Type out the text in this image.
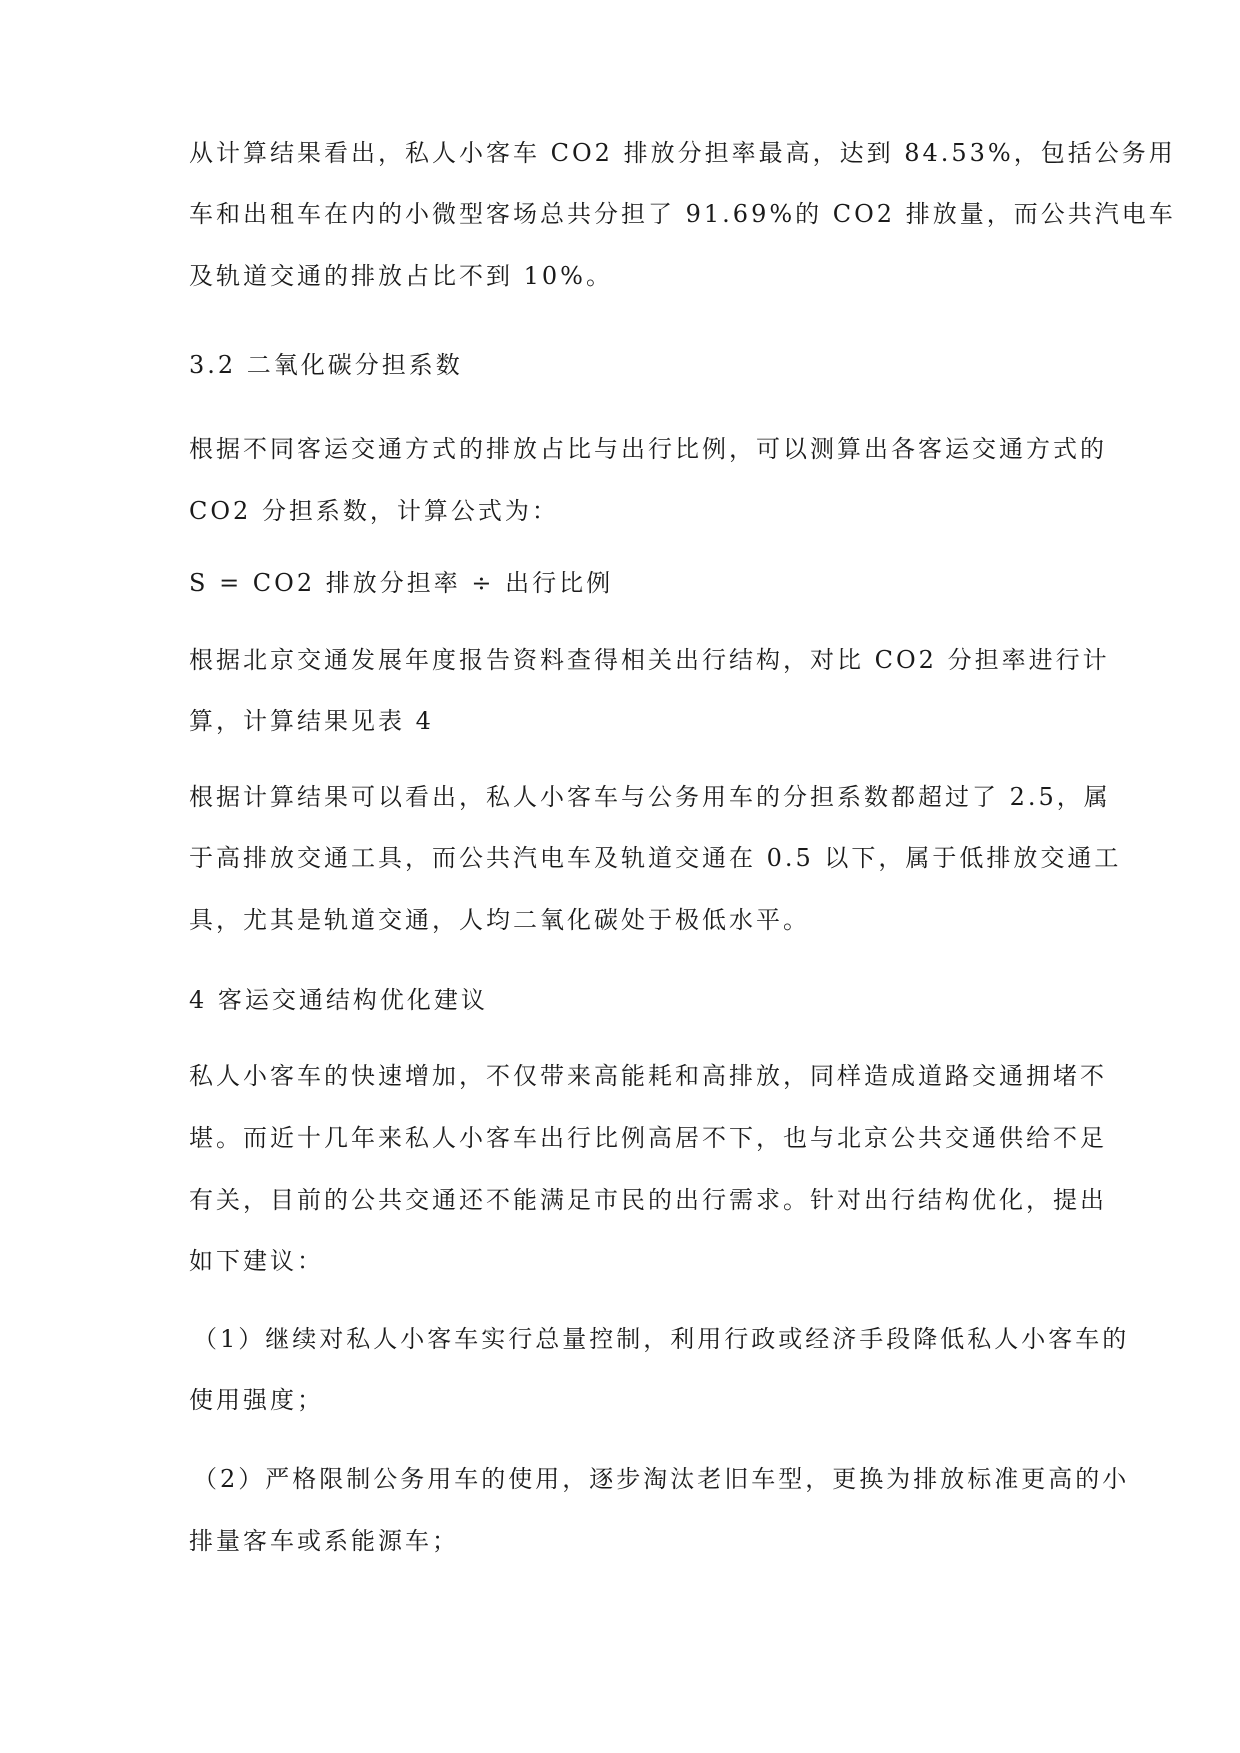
从计算结果看出，私人小客车 CO2 排放分担率最高，达到 84.53%，包括公务用
车和出租车在内的小微型客场总共分担了 91.69%的 CO2 排放量，而公共汽电车
及轨道交通的排放占比不到 10%。
3.2 二氧化碳分担系数
根据不同客运交通方式的排放占比与出行比例，可以测算出各客运交通方式的
CO2 分担系数，计算公式为：
S = CO2 排放分担率 ÷ 出行比例
根据北京交通发展年度报告资料查得相关出行结构，对比 CO2 分担率进行计
算，计算结果见表 4
根据计算结果可以看出，私人小客车与公务用车的分担系数都超过了 2.5，属
于高排放交通工具，而公共汽电车及轨道交通在 0.5 以下，属于低排放交通工
具，尤其是轨道交通，人均二氧化碳处于极低水平。
4 客运交通结构优化建议
私人小客车的快速增加，不仅带来高能耗和高排放，同样造成道路交通拥堵不
堪。而近十几年来私人小客车出行比例高居不下，也与北京公共交通供给不足
有关，目前的公共交通还不能满足市民的出行需求。针对出行结构优化，提出
如下建议：
（1）继续对私人小客车实行总量控制，利用行政或经济手段降低私人小客车的
使用强度；
（2）严格限制公务用车的使用，逐步淘汰老旧车型，更换为排放标准更高的小
排量客车或系能源车；
